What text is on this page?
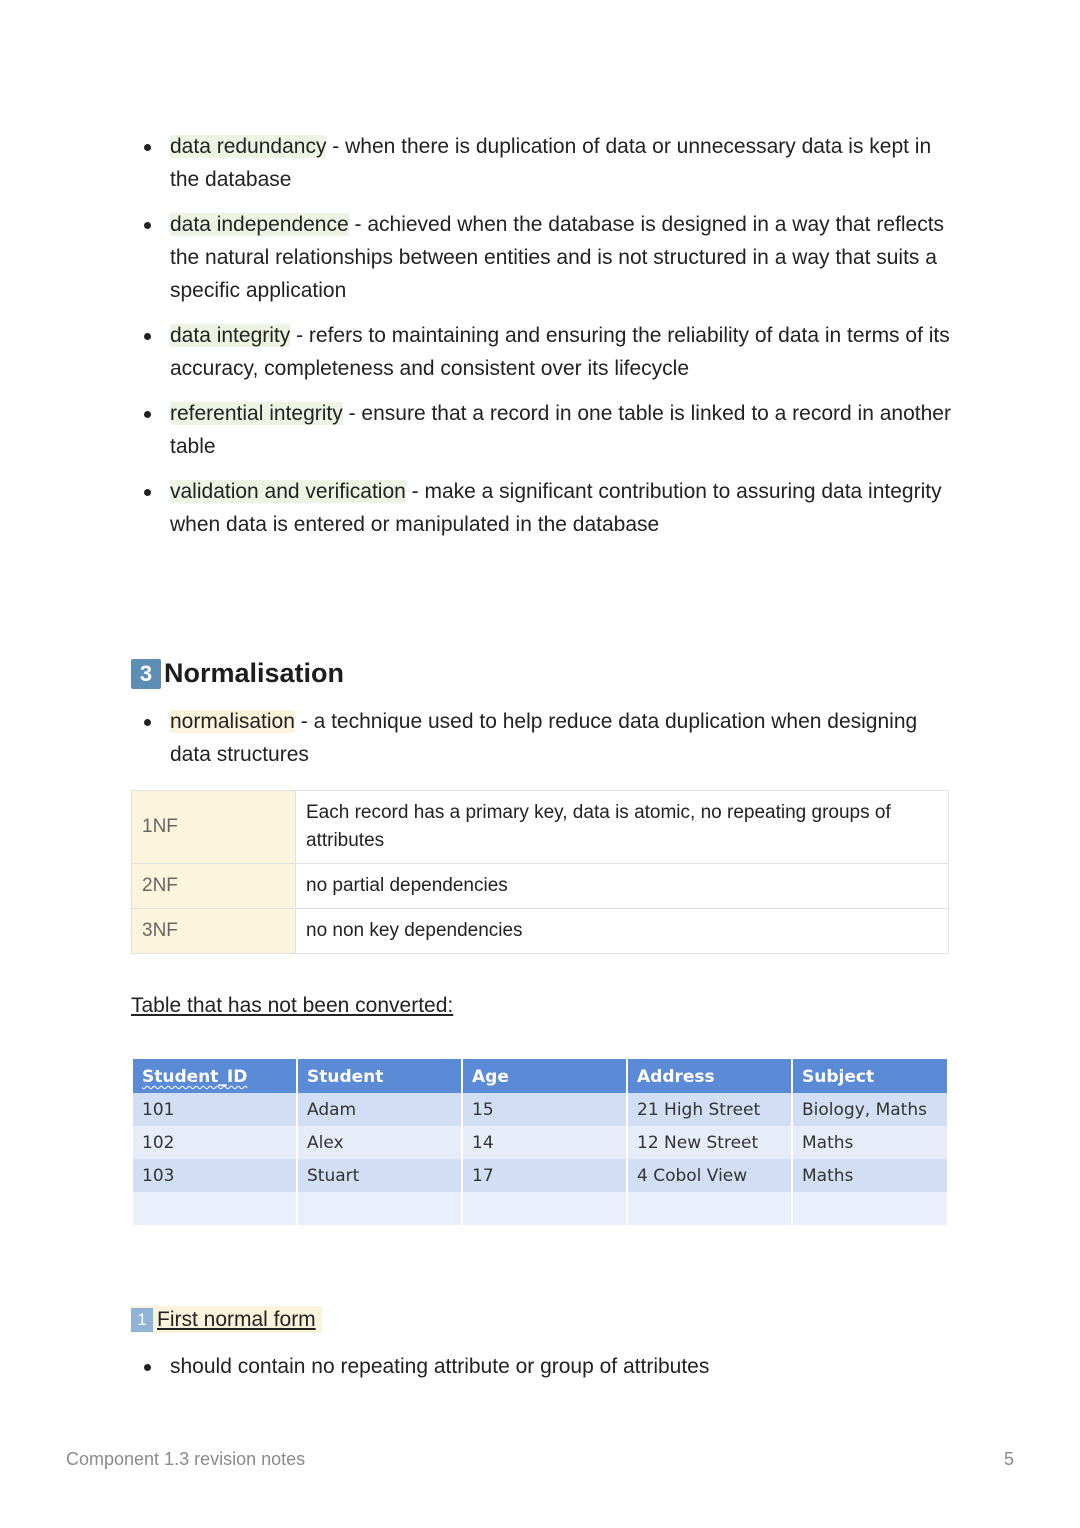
data redundancy - when there is duplication of data or unnecessary data is kept in the database
data independence - achieved when the database is designed in a way that reflects the natural relationships between entities and is not structured in a way that suits a specific application
data integrity - refers to maintaining and ensuring the reliability of data in terms of its accuracy, completeness and consistent over its lifecycle
referential integrity - ensure that a record in one table is linked to a record in another table
validation and verification - make a significant contribution to assuring data integrity when data is entered or manipulated in the database
3 Normalisation
normalisation - a technique used to help reduce data duplication when designing data structures
1NF	Each record has a primary key, data is atomic, no repeating groups of attributes
2NF	no partial dependencies
3NF	no non key dependencies
Table that has not been converted:
Student_ID	Student	Age	Address	Subject
101	Adam	15	21 High Street	Biology, Maths
102	Alex	14	12 New Street	Maths
103	Stuart	17	4 Cobol View	Maths

1 First normal form
should contain no repeating attribute or group of attributes
Component 1.3 revision notes	5
